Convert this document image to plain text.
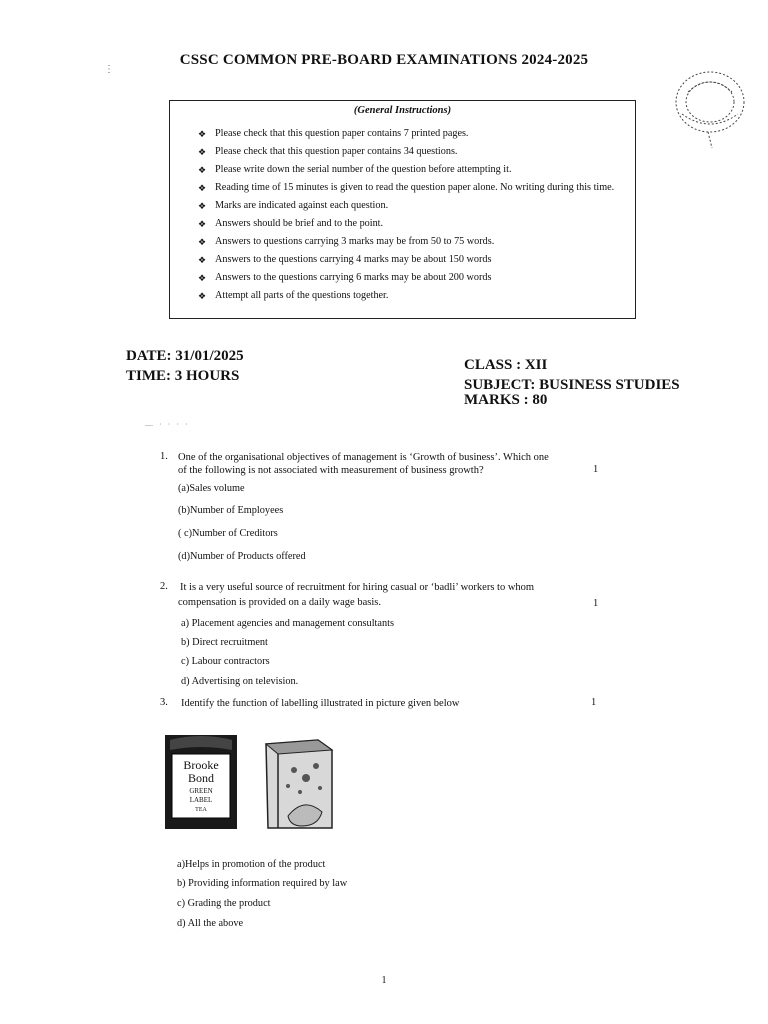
CSSC COMMON PRE-BOARD EXAMINATIONS 2024-2025
⋮
(General Instructions)
❖ Please check that this question paper contains 7 printed pages.
❖ Please check that this question paper contains 34 questions.
❖ Please write down the serial number of the question before attempting it.
❖ Reading time of 15 minutes is given to read the question paper alone. No writing during this time.
❖ Marks are indicated against each question.
❖ Answers should be brief and to the point.
❖ Answers to questions carrying 3 marks may be from 50 to 75 words.
❖ Answers to the questions carrying 4 marks may be about 150 words
❖ Answers to the questions carrying 6 marks may be about 200 words
❖ Attempt all parts of the questions together.
DATE: 31/01/2025
TIME: 3 HOURS
CLASS : XII
SUBJECT: BUSINESS STUDIES
MARKS : 80
— · · · ·
1. One of the organisational objectives of management is ‘Growth of business’. Which one
of the following is not associated with measurement of business growth?	1
(a)Sales volume
(b)Number of Employees
( c)Number of Creditors
(d)Number of Products offered
2. It is a very useful source of recruitment for hiring casual or ‘badli’ workers to whom
compensation is provided on a daily wage basis.	1
a) Placement agencies and management consultants
b) Direct recruitment
c) Labour contractors
d) Advertising on television.
3. Identify the function of labelling illustrated in picture given below	1
Brooke
Bond
GREEN
LABEL
TEA
a)Helps in promotion of the product
b) Providing information required by law
c) Grading the product
d) All the above
1
